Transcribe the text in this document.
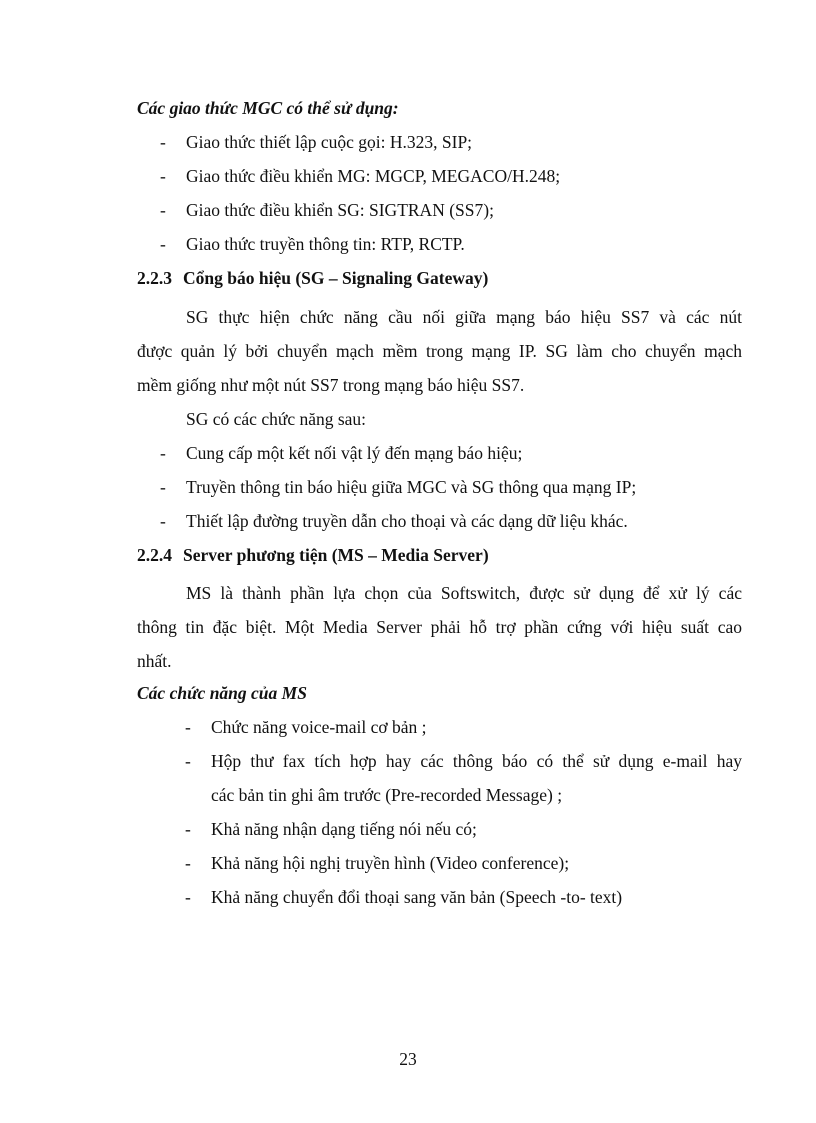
Các giao thức MGC có thể sử dụng:
- Giao thức thiết lập cuộc gọi: H.323, SIP;
- Giao thức điều khiển MG: MGCP, MEGACO/H.248;
- Giao thức điều khiển SG: SIGTRAN (SS7);
- Giao thức truyền thông tin: RTP, RCTP.
2.2.3 Cổng báo hiệu (SG – Signaling Gateway)
SG thực hiện chức năng cầu nối giữa mạng báo hiệu SS7 và các nút
được quản lý bởi chuyển mạch mềm trong mạng IP. SG làm cho chuyển mạch
mềm giống như một nút SS7 trong mạng báo hiệu SS7.
SG có các chức năng sau:
- Cung cấp một kết nối vật lý đến mạng báo hiệu;
- Truyền thông tin báo hiệu giữa MGC và SG thông qua mạng IP;
- Thiết lập đường truyền dẫn cho thoại và các dạng dữ liệu khác.
2.2.4 Server phương tiện (MS – Media Server)
MS là thành phần lựa chọn của Softswitch, được sử dụng để xử lý các
thông tin đặc biệt. Một Media Server phải hỗ trợ phần cứng với hiệu suất cao
nhất.
Các chức năng của MS
- Chức năng voice-mail cơ bản ;
- Hộp thư fax tích hợp hay các thông báo có thể sử dụng e-mail hay
các bản tin ghi âm trước (Pre-recorded Message) ;
- Khả năng nhận dạng tiếng nói nếu có;
- Khả năng hội nghị truyền hình (Video conference);
- Khả năng chuyển đổi thoại sang văn bản (Speech -to- text)
23
